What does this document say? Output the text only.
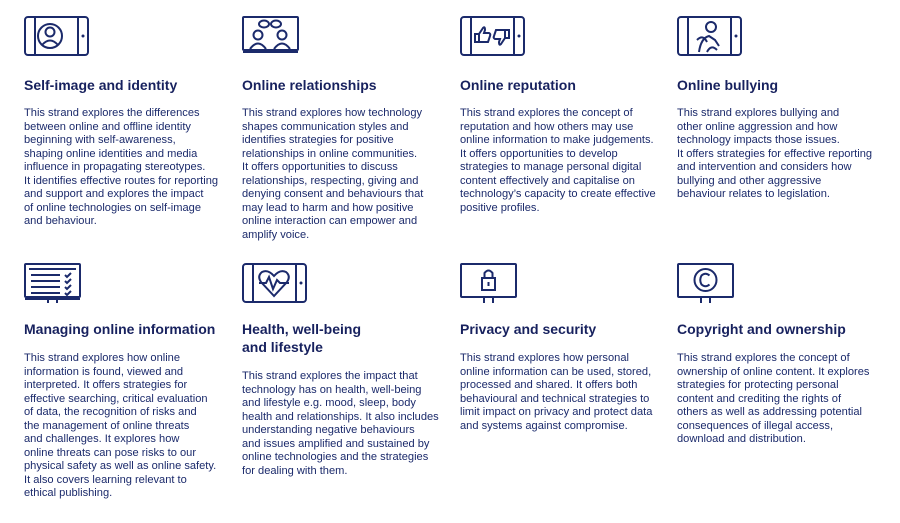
Self-image and identity

This strand explores the differences
between online and offline identity
beginning with self-awareness,
shaping online identities and media
influence in propagating stereotypes.
It identifies effective routes for reporting
and support and explores the impact
of online technologies on self-image
and behaviour.

Online relationships

This strand explores how technology
shapes communication styles and
identifies strategies for positive
relationships in online communities.
It offers opportunities to discuss
relationships, respecting, giving and
denying consent and behaviours that
may lead to harm and how positive
online interaction can empower and
amplify voice.

Online reputation

This strand explores the concept of
reputation and how others may use
online information to make judgements.
It offers opportunities to develop
strategies to manage personal digital
content effectively and capitalise on
technology’s capacity to create effective
positive profiles.

Online bullying

This strand explores bullying and
other online aggression and how
technology impacts those issues.
It offers strategies for effective reporting
and intervention and considers how
bullying and other aggressive
behaviour relates to legislation.

Managing online information

This strand explores how online
information is found, viewed and
interpreted. It offers strategies for
effective searching, critical evaluation
of data, the recognition of risks and
the management of online threats
and challenges. It explores how
online threats can pose risks to our
physical safety as well as online safety.
It also covers learning relevant to
ethical publishing.

Health, well-being
and lifestyle

This strand explores the impact that
technology has on health, well-being
and lifestyle e.g. mood, sleep, body
health and relationships. It also includes
understanding negative behaviours
and issues amplified and sustained by
online technologies and the strategies
for dealing with them.

Privacy and security

This strand explores how personal
online information can be used, stored,
processed and shared. It offers both
behavioural and technical strategies to
limit impact on privacy and protect data
and systems against compromise.

Copyright and ownership

This strand explores the concept of
ownership of online content. It explores
strategies for protecting personal
content and crediting the rights of
others as well as addressing potential
consequences of illegal access,
download and distribution.
